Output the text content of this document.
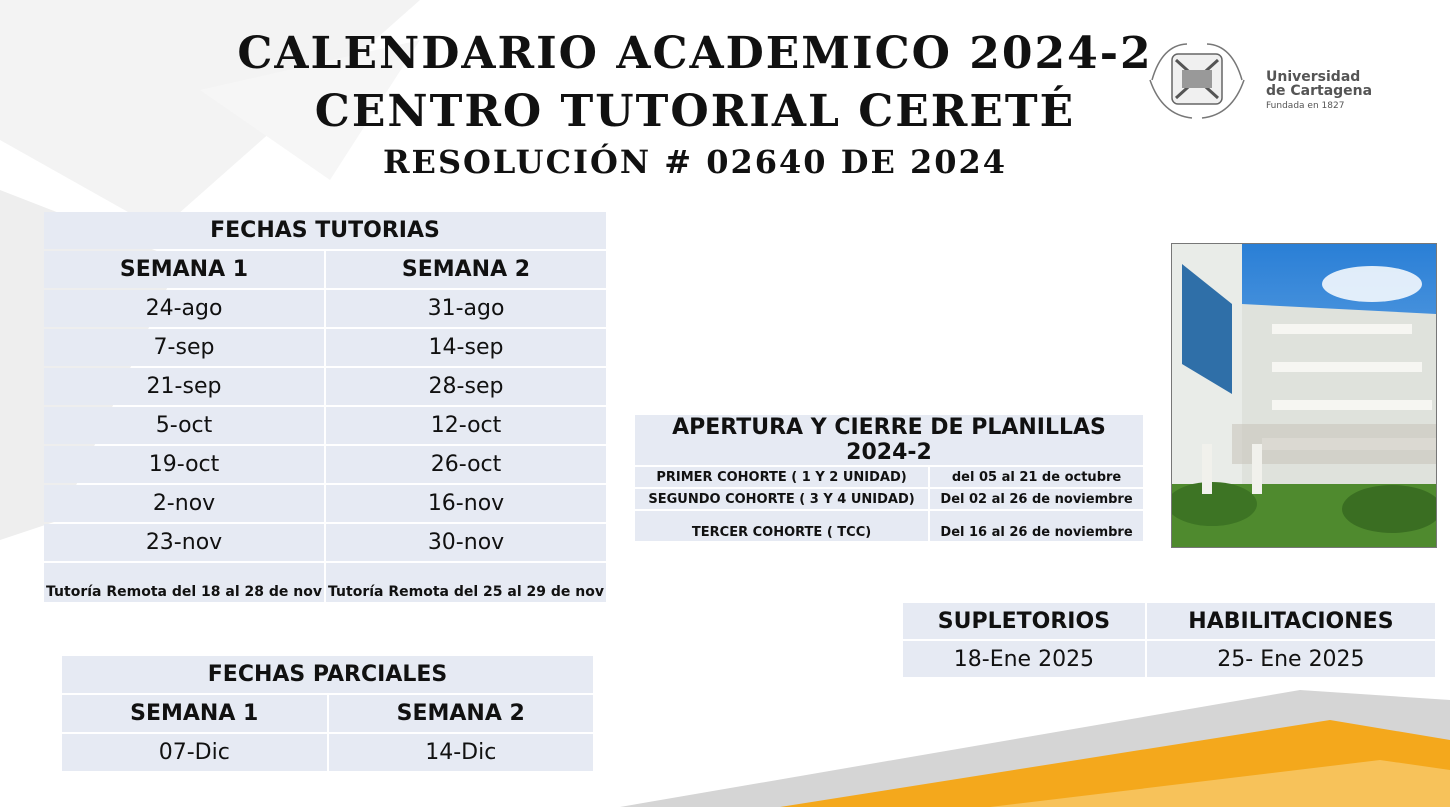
CALENDARIO ACADEMICO 2024-2
CENTRO TUTORIAL CERETÉ
RESOLUCIÓN # 02640 DE 2024
Universidad
de Cartagena
Fundada en 1827
FECHAS TUTORIAS	
SEMANA 1	SEMANA 2
24-ago	31-ago
7-sep	14-sep
21-sep	28-sep
5-oct	12-oct
19-oct	26-oct
2-nov	16-nov
23-nov	30-nov
Tutoría Remota del 18 al 28 de nov	Tutoría Remota del 25 al 29 de nov
FECHAS PARCIALES	
SEMANA 1	SEMANA 2
07-Dic	14-Dic
APERTURA Y CIERRE DE PLANILLAS 2024-2	
PRIMER COHORTE ( 1 Y 2 UNIDAD)	del 05 al 21 de octubre
SEGUNDO COHORTE ( 3 Y 4 UNIDAD)	Del 02 al 26 de noviembre
TERCER COHORTE ( TCC)	Del 16 al 26 de noviembre
SUPLETORIOS	HABILITACIONES
18-Ene 2025	25- Ene 2025
